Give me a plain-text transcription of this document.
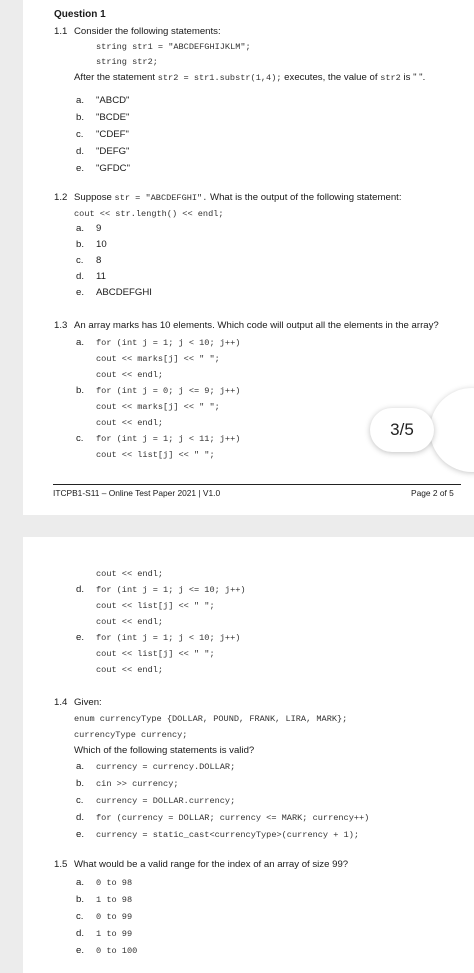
Question 1
1.1 Consider the following statements:
string str1 = "ABCDEFGHIJKLM";
string str2;
After the statement str2 = str1.substr(1,4); executes, the value of str2 is " ".
a. "ABCD"
b. "BCDE"
c. "CDEF"
d. "DEFG"
e. "GFDC"
1.2 Suppose str = "ABCDEFGHI". What is the output of the following statement:
cout << str.length() << endl;
a. 9
b. 10
c. 8
d. 11
e. ABCDEFGHI
1.3 An array marks has 10 elements. Which code will output all the elements in the array?
a. for (int j = 1; j < 10; j++)
cout << marks[j] << " ";
cout << endl;
b. for (int j = 0; j <= 9; j++)
cout << marks[j] << " ";
cout << endl;
c. for (int j = 1; j < 11; j++)
cout << list[j] << " ";
ITCPB1-S11 – Online Test Paper 2021 | V1.0	Page 2 of 5
3/5
cout << endl;
d. for (int j = 1; j <= 10; j++)
cout << list[j] << " ";
cout << endl;
e. for (int j = 1; j < 10; j++)
cout << list[j] << " ";
cout << endl;
1.4 Given:
enum currencyType {DOLLAR, POUND, FRANK, LIRA, MARK};
currencyType currency;
Which of the following statements is valid?
a. currency = currency.DOLLAR;
b. cin >> currency;
c. currency = DOLLAR.currency;
d. for (currency = DOLLAR; currency <= MARK; currency++)
e. currency = static_cast<currencyType>(currency + 1);
1.5 What would be a valid range for the index of an array of size 99?
a. 0 to 98
b. 1 to 98
c. 0 to 99
d. 1 to 99
e. 0 to 100
